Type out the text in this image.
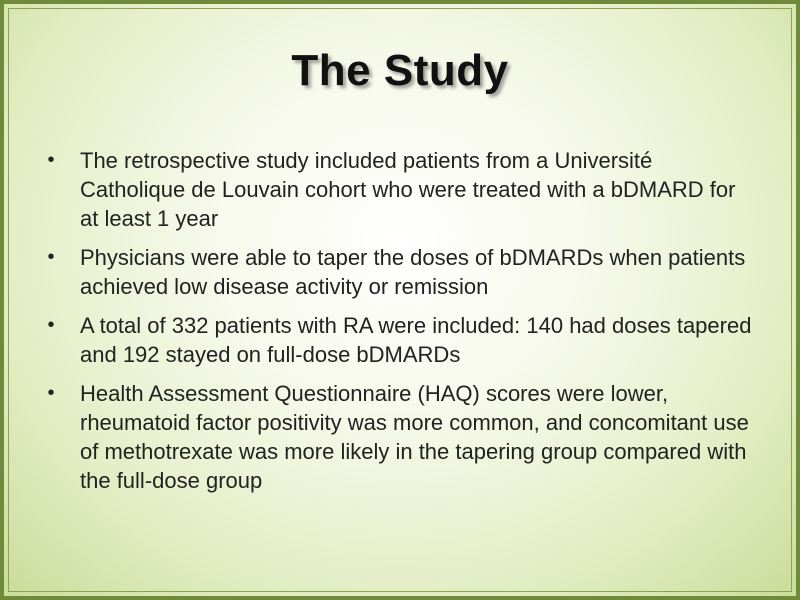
The Study
• The retrospective study included patients from a Université Catholique de Louvain cohort who were treated with a bDMARD for at least 1 year
• Physicians were able to taper the doses of bDMARDs when patients achieved low disease activity or remission
• A total of 332 patients with RA were included: 140 had doses tapered and 192 stayed on full-dose bDMARDs
• Health Assessment Questionnaire (HAQ) scores were lower, rheumatoid factor positivity was more common, and concomitant use of methotrexate was more likely in the tapering group compared with the full-dose group
